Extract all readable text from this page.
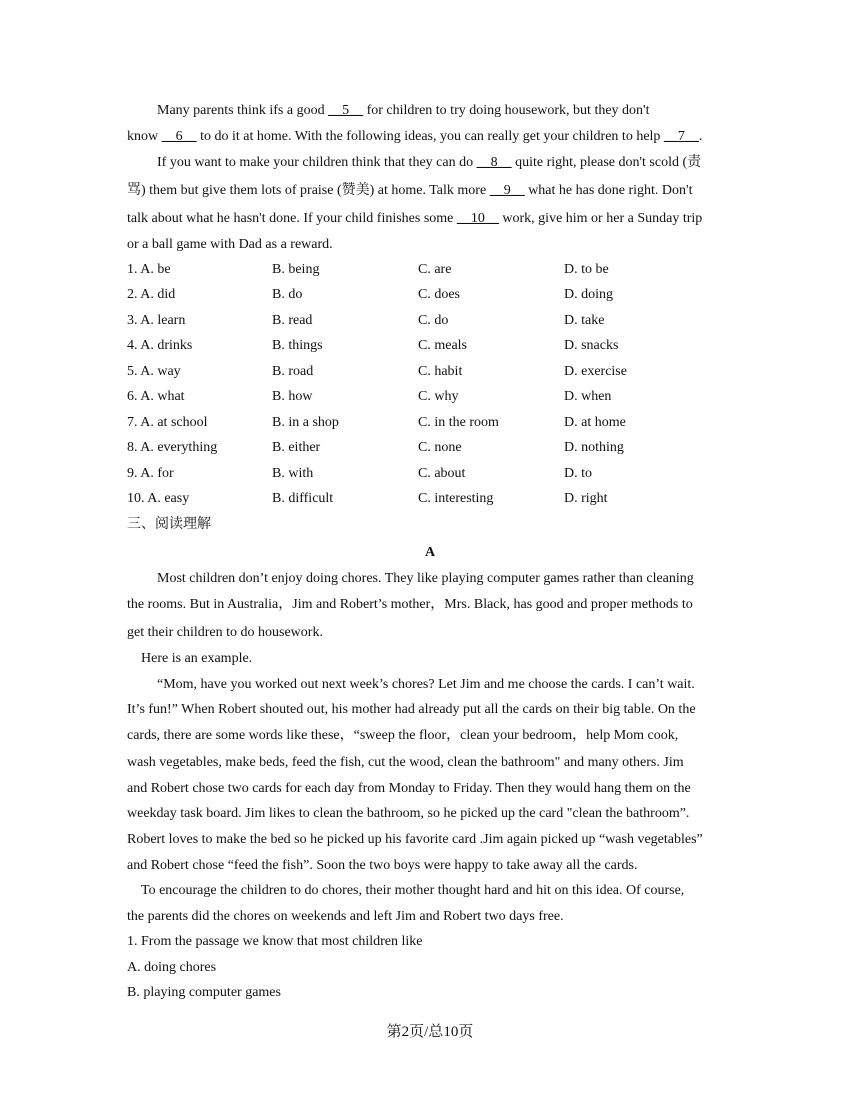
Many parents think ifs a good __5__ for children to try doing housework, but they don't
know __6__ to do it at home. With the following ideas, you can really get your children to help __7__.
If you want to make your children think that they can do __8__ quite right, please don't scold (责
骂) them but give them lots of praise (赞美) at home. Talk more __9__ what he has done right. Don't
talk about what he hasn't done. If your child finishes some __10__ work, give him or her a Sunday trip
or a ball game with Dad as a reward.
1. A. be	B. being	C. are	D. to be
2. A. did	B. do	C. does	D. doing
3. A. learn	B. read	C. do	D. take
4. A. drinks	B. things	C. meals	D. snacks
5. A. way	B. road	C. habit	D. exercise
6. A. what	B. how	C. why	D. when
7. A. at school	B. in a shop	C. in the room	D. at home
8. A. everything	B. either	C. none	D. nothing
9. A. for	B. with	C. about	D. to
10. A. easy	B. difficult	C. interesting	D. right
三、阅读理解
A
Most children don’t enjoy doing chores. They like playing computer games rather than cleaning
the rooms. But in Australia，Jim and Robert’s mother，Mrs. Black, has good and proper methods to
get their children to do housework.
Here is an example.
“Mom, have you worked out next week’s chores? Let Jim and me choose the cards. I can’t wait.
It’s fun!” When Robert shouted out, his mother had already put all the cards on their big table. On the
cards, there are some words like these，“sweep the floor，clean your bedroom，help Mom cook,
wash vegetables, make beds, feed the fish, cut the wood, clean the bathroom" and many others. Jim
and Robert chose two cards for each day from Monday to Friday. Then they would hang them on the
weekday task board. Jim likes to clean the bathroom, so he picked up the card "clean the bathroom”.
Robert loves to make the bed so he picked up his favorite card .Jim again picked up “wash vegetables”
and Robert chose “feed the fish”. Soon the two boys were happy to take away all the cards.
To encourage the children to do chores, their mother thought hard and hit on this idea. Of course,
the parents did the chores on weekends and left Jim and Robert two days free.
1. From the passage we know that most children like
A. doing chores
B. playing computer games
第2页/总10页
